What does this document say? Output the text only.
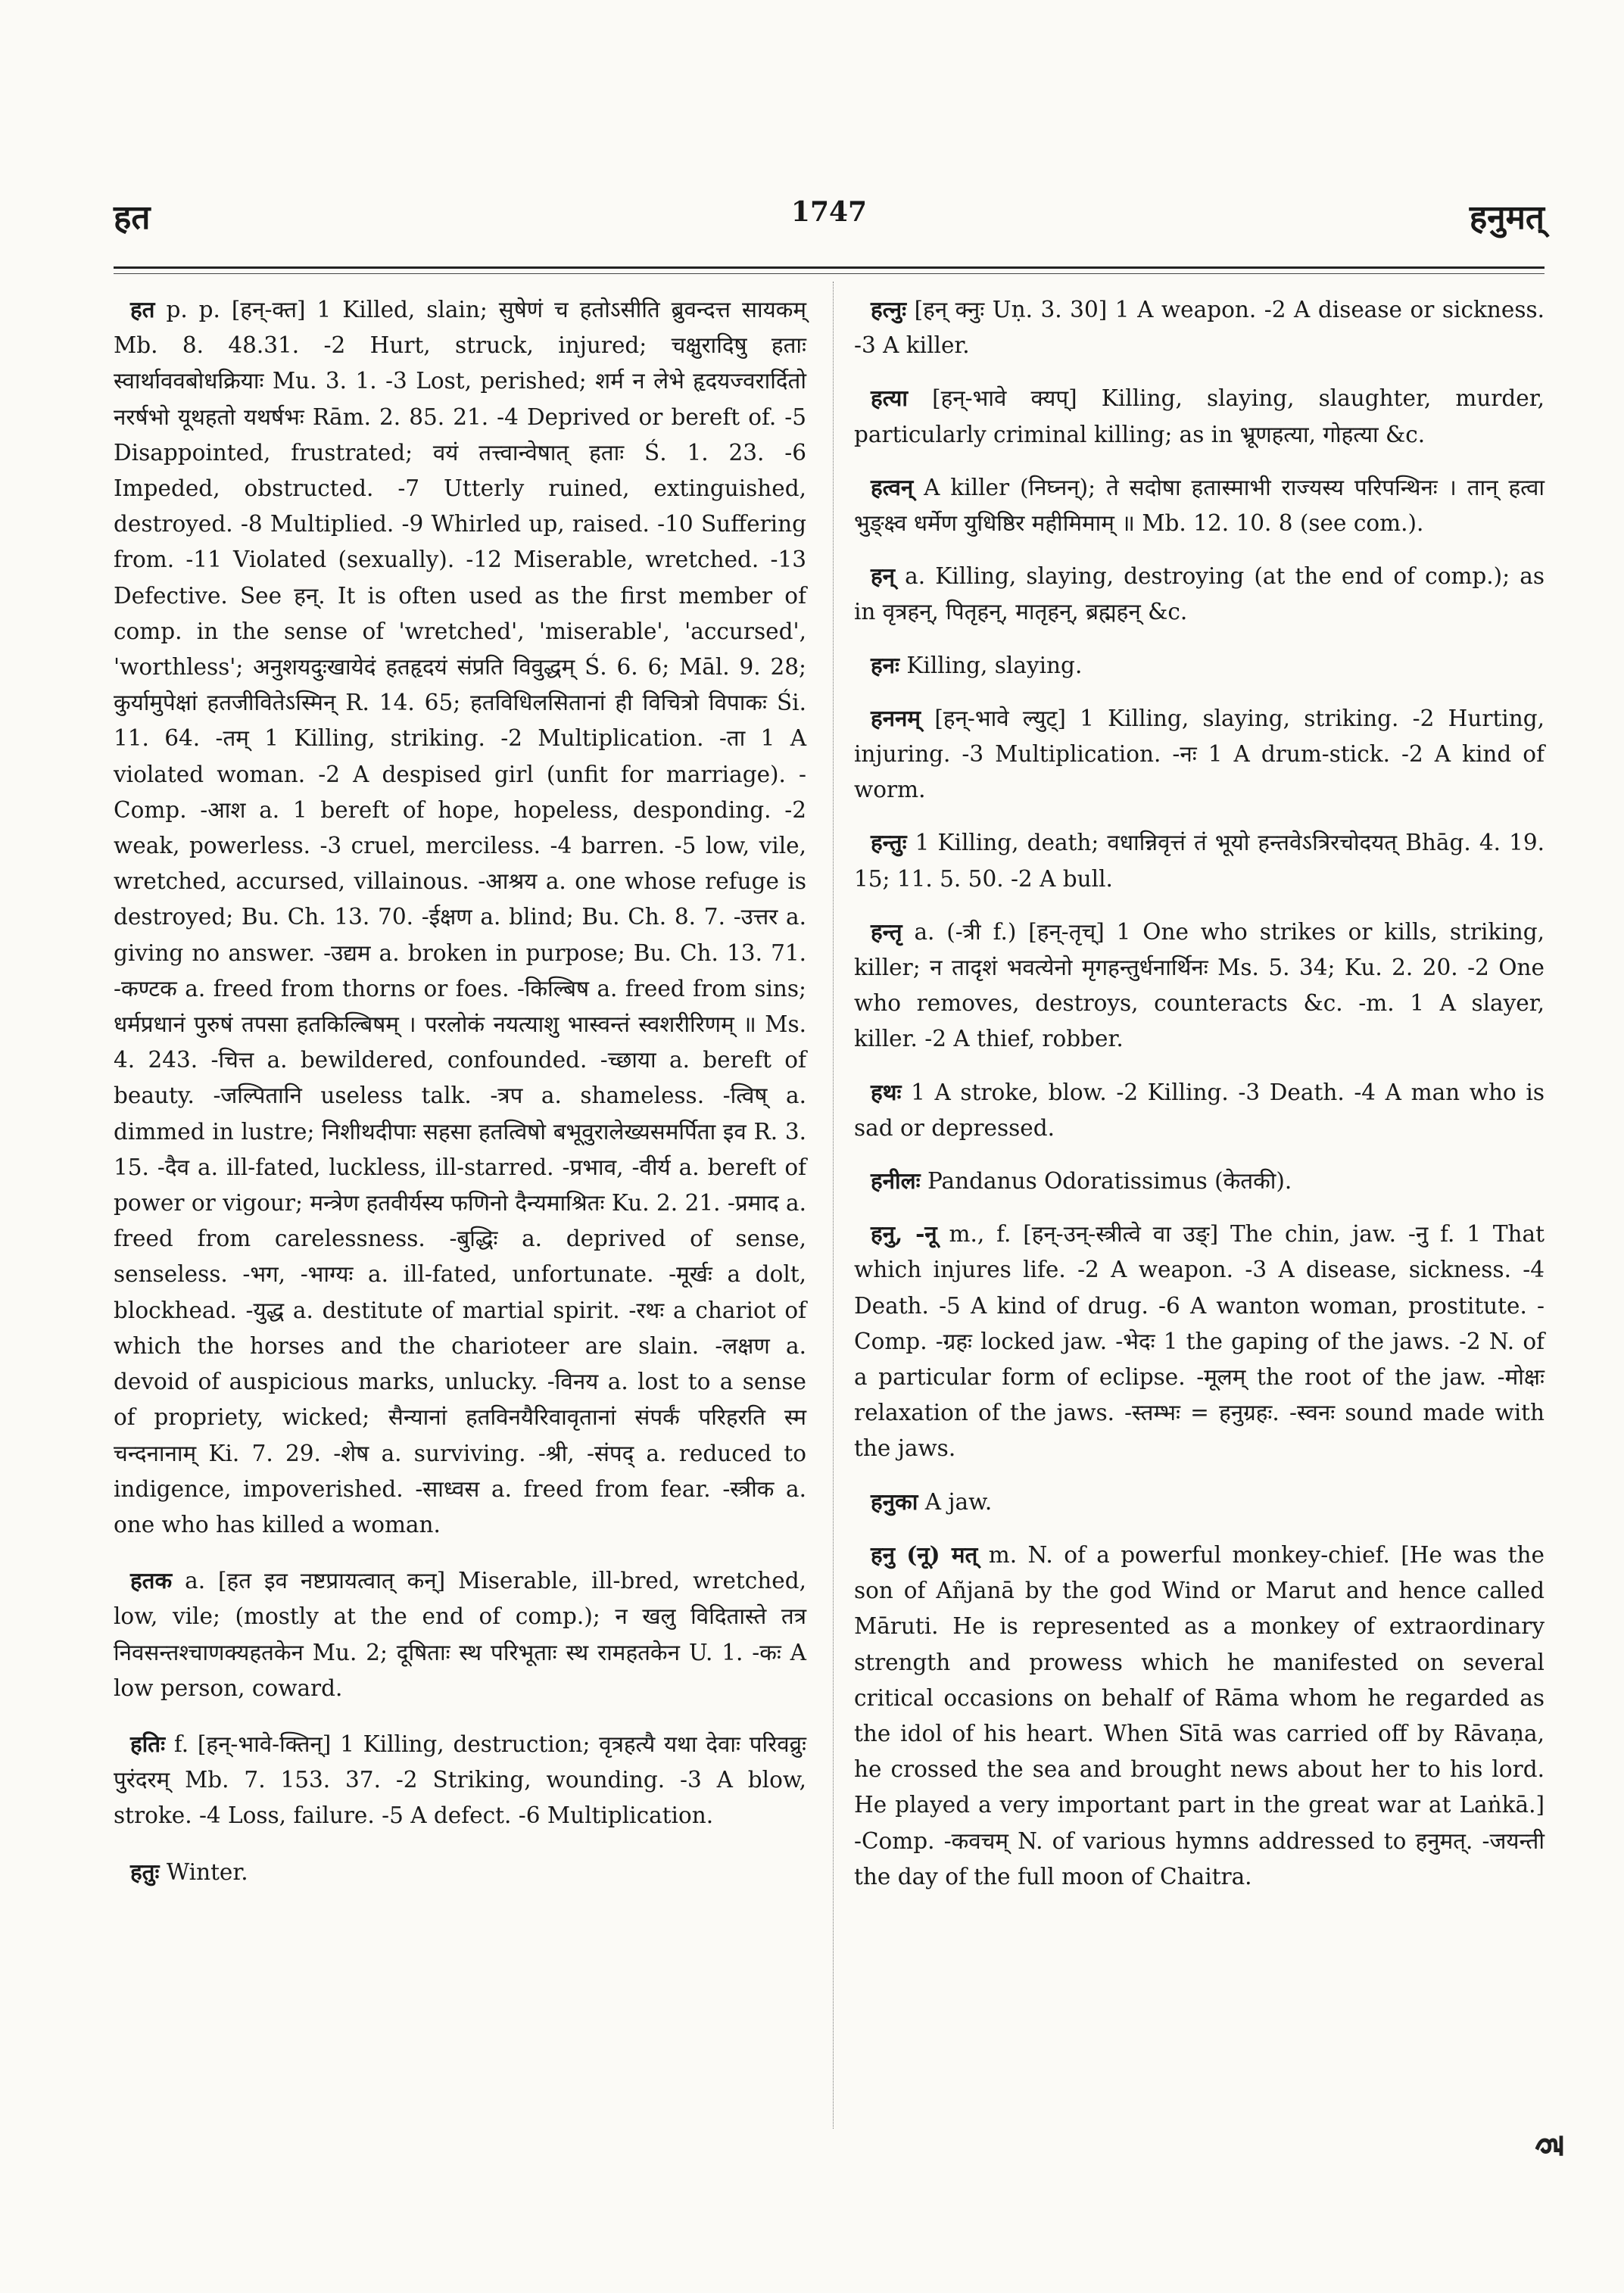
हत	1747	हनुमत्

हत p. p. [हन्-क्त] 1 Killed, slain; सुषेणं च हतोऽसीति ब्रुवन्दत्त सायकम् Mb. 8. 48.31. -2 Hurt, struck, injured; चक्षुरादिषु हताः स्वार्थाववबोधक्रियाः Mu. 3. 1. -3 Lost, perished; शर्म न लेभे हृदयज्वरार्दितो नरर्षभो यूथहतो यथर्षभः Rām. 2. 85. 21. -4 Deprived or bereft of. -5 Disappointed, frustrated; वयं तत्त्वान्वेषात् हताः Ś. 1. 23. -6 Impeded, obstructed. -7 Utterly ruined, extinguished, destroyed. -8 Multiplied. -9 Whirled up, raised. -10 Suffering from. -11 Violated (sexually). -12 Miserable, wretched. -13 Defective. See हन्. It is often used as the first member of comp. in the sense of 'wretched', 'miserable', 'accursed', 'worthless'; अनुशयदुःखायेदं हतहृदयं संप्रति विवुद्धम् Ś. 6. 6; Māl. 9. 28; कुर्यामुपेक्षां हतजीवितेऽस्मिन् R. 14. 65; हतविधिलसितानां ही विचित्रो विपाकः Śi. 11. 64. -तम् 1 Killing, striking. -2 Multiplication. -ता 1 A violated woman. -2 A despised girl (unfit for marriage). -Comp. -आश a. 1 bereft of hope, hopeless, desponding. -2 weak, powerless. -3 cruel, merciless. -4 barren. -5 low, vile, wretched, accursed, villainous. -आश्रय a. one whose refuge is destroyed; Bu. Ch. 13. 70. -ईक्षण a. blind; Bu. Ch. 8. 7. -उत्तर a. giving no answer. -उद्यम a. broken in purpose; Bu. Ch. 13. 71. -कण्टक a. freed from thorns or foes. -किल्बिष a. freed from sins; धर्मप्रधानं पुरुषं तपसा हतकिल्बिषम् । परलोकं नयत्याशु भास्वन्तं स्वशरीरिणम् ॥ Ms. 4. 243. -चित्त a. bewildered, confounded. -च्छाया a. bereft of beauty. -जल्पितानि useless talk. -त्रप a. shameless. -त्विष् a. dimmed in lustre; निशीथदीपाः सहसा हतत्विषो बभूवुरालेख्यसमर्पिता इव R. 3. 15. -दैव a. ill-fated, luckless, ill-starred. -प्रभाव, -वीर्य a. bereft of power or vigour; मन्त्रेण हतवीर्यस्य फणिनो दैन्यमाश्रितः Ku. 2. 21. -प्रमाद a. freed from carelessness. -बुद्धिः a. deprived of sense, senseless. -भग, -भाग्यः a. ill-fated, unfortunate. -मूर्खः a dolt, blockhead. -युद्ध a. destitute of martial spirit. -रथः a chariot of which the horses and the charioteer are slain. -लक्षण a. devoid of auspicious marks, unlucky. -विनय a. lost to a sense of propriety, wicked; सैन्यानां हतविनयैरिवावृतानां संपर्कं परिहरति स्म चन्दनानाम् Ki. 7. 29. -शेष a. surviving. -श्री, -संपद् a. reduced to indigence, impoverished. -साध्वस a. freed from fear. -स्त्रीक a. one who has killed a woman.

हतक a. [हत इव नष्टप्रायत्वात् कन्] Miserable, ill-bred, wretched, low, vile; (mostly at the end of comp.); न खलु विदितास्ते तत्र निवसन्तश्चाणक्यहतकेन Mu. 2; दूषिताः स्थ परिभूताः स्थ रामहतकेन U. 1. -कः A low person, coward.

हतिः f. [हन्-भावे-क्तिन्] 1 Killing, destruction; वृत्रहत्यै यथा देवाः परिवव्रुः पुरंदरम् Mb. 7. 153. 37. -2 Striking, wounding. -3 A blow, stroke. -4 Loss, failure. -5 A defect. -6 Multiplication.

हतुः Winter.

हत्नुः [हन् क्नुः Uṇ. 3. 30] 1 A weapon. -2 A disease or sickness. -3 A killer.

हत्या [हन्-भावे क्यप्] Killing, slaying, slaughter, murder, particularly criminal killing; as in भ्रूणहत्या, गोहत्या &c.

हत्वन् A killer (निघ्नन्); ते सदोषा हतास्माभी राज्यस्य परिपन्थिनः । तान् हत्वा भुङ्क्ष्व धर्मेण युधिष्ठिर महीमिमाम् ॥ Mb. 12. 10. 8 (see com.).

हन् a. Killing, slaying, destroying (at the end of comp.); as in वृत्रहन्, पितृहन्, मातृहन्, ब्रह्महन् &c.

हनः Killing, slaying.

हननम् [हन्-भावे ल्युट्] 1 Killing, slaying, striking. -2 Hurting, injuring. -3 Multiplication. -नः 1 A drum-stick. -2 A kind of worm.

हन्तुः 1 Killing, death; वधान्निवृत्तं तं भूयो हन्तवेऽत्रिरचोदयत् Bhāg. 4. 19. 15; 11. 5. 50. -2 A bull.

हन्तृ a. (-त्री f.) [हन्-तृच्] 1 One who strikes or kills, striking, killer; न तादृशं भवत्येनो मृगहन्तुर्धनार्थिनः Ms. 5. 34; Ku. 2. 20. -2 One who removes, destroys, counteracts &c. -m. 1 A slayer, killer. -2 A thief, robber.

हथः 1 A stroke, blow. -2 Killing. -3 Death. -4 A man who is sad or depressed.

हनीलः Pandanus Odoratissimus (केतकी).

हनु, -नू m., f. [हन्-उन्-स्त्रीत्वे वा उङ्] The chin, jaw. -नु f. 1 That which injures life. -2 A weapon. -3 A disease, sickness. -4 Death. -5 A kind of drug. -6 A wanton woman, prostitute. -Comp. -ग्रहः locked jaw. -भेदः 1 the gaping of the jaws. -2 N. of a particular form of eclipse. -मूलम् the root of the jaw. -मोक्षः relaxation of the jaws. -स्तम्भः = हनुग्रहः. -स्वनः sound made with the jaws.

हनुका A jaw.

हनु (नू) मत् m. N. of a powerful monkey-chief. [He was the son of Añjanā by the god Wind or Marut and hence called Māruti. He is represented as a monkey of extraordinary strength and prowess which he manifested on several critical occasions on behalf of Rāma whom he regarded as the idol of his heart. When Sītā was carried off by Rāvaṇa, he crossed the sea and brought news about her to his lord. He played a very important part in the great war at Laṅkā.] -Comp. -कवचम् N. of various hymns addressed to हनुमत्. -जयन्ती the day of the full moon of Chaitra.

ह
